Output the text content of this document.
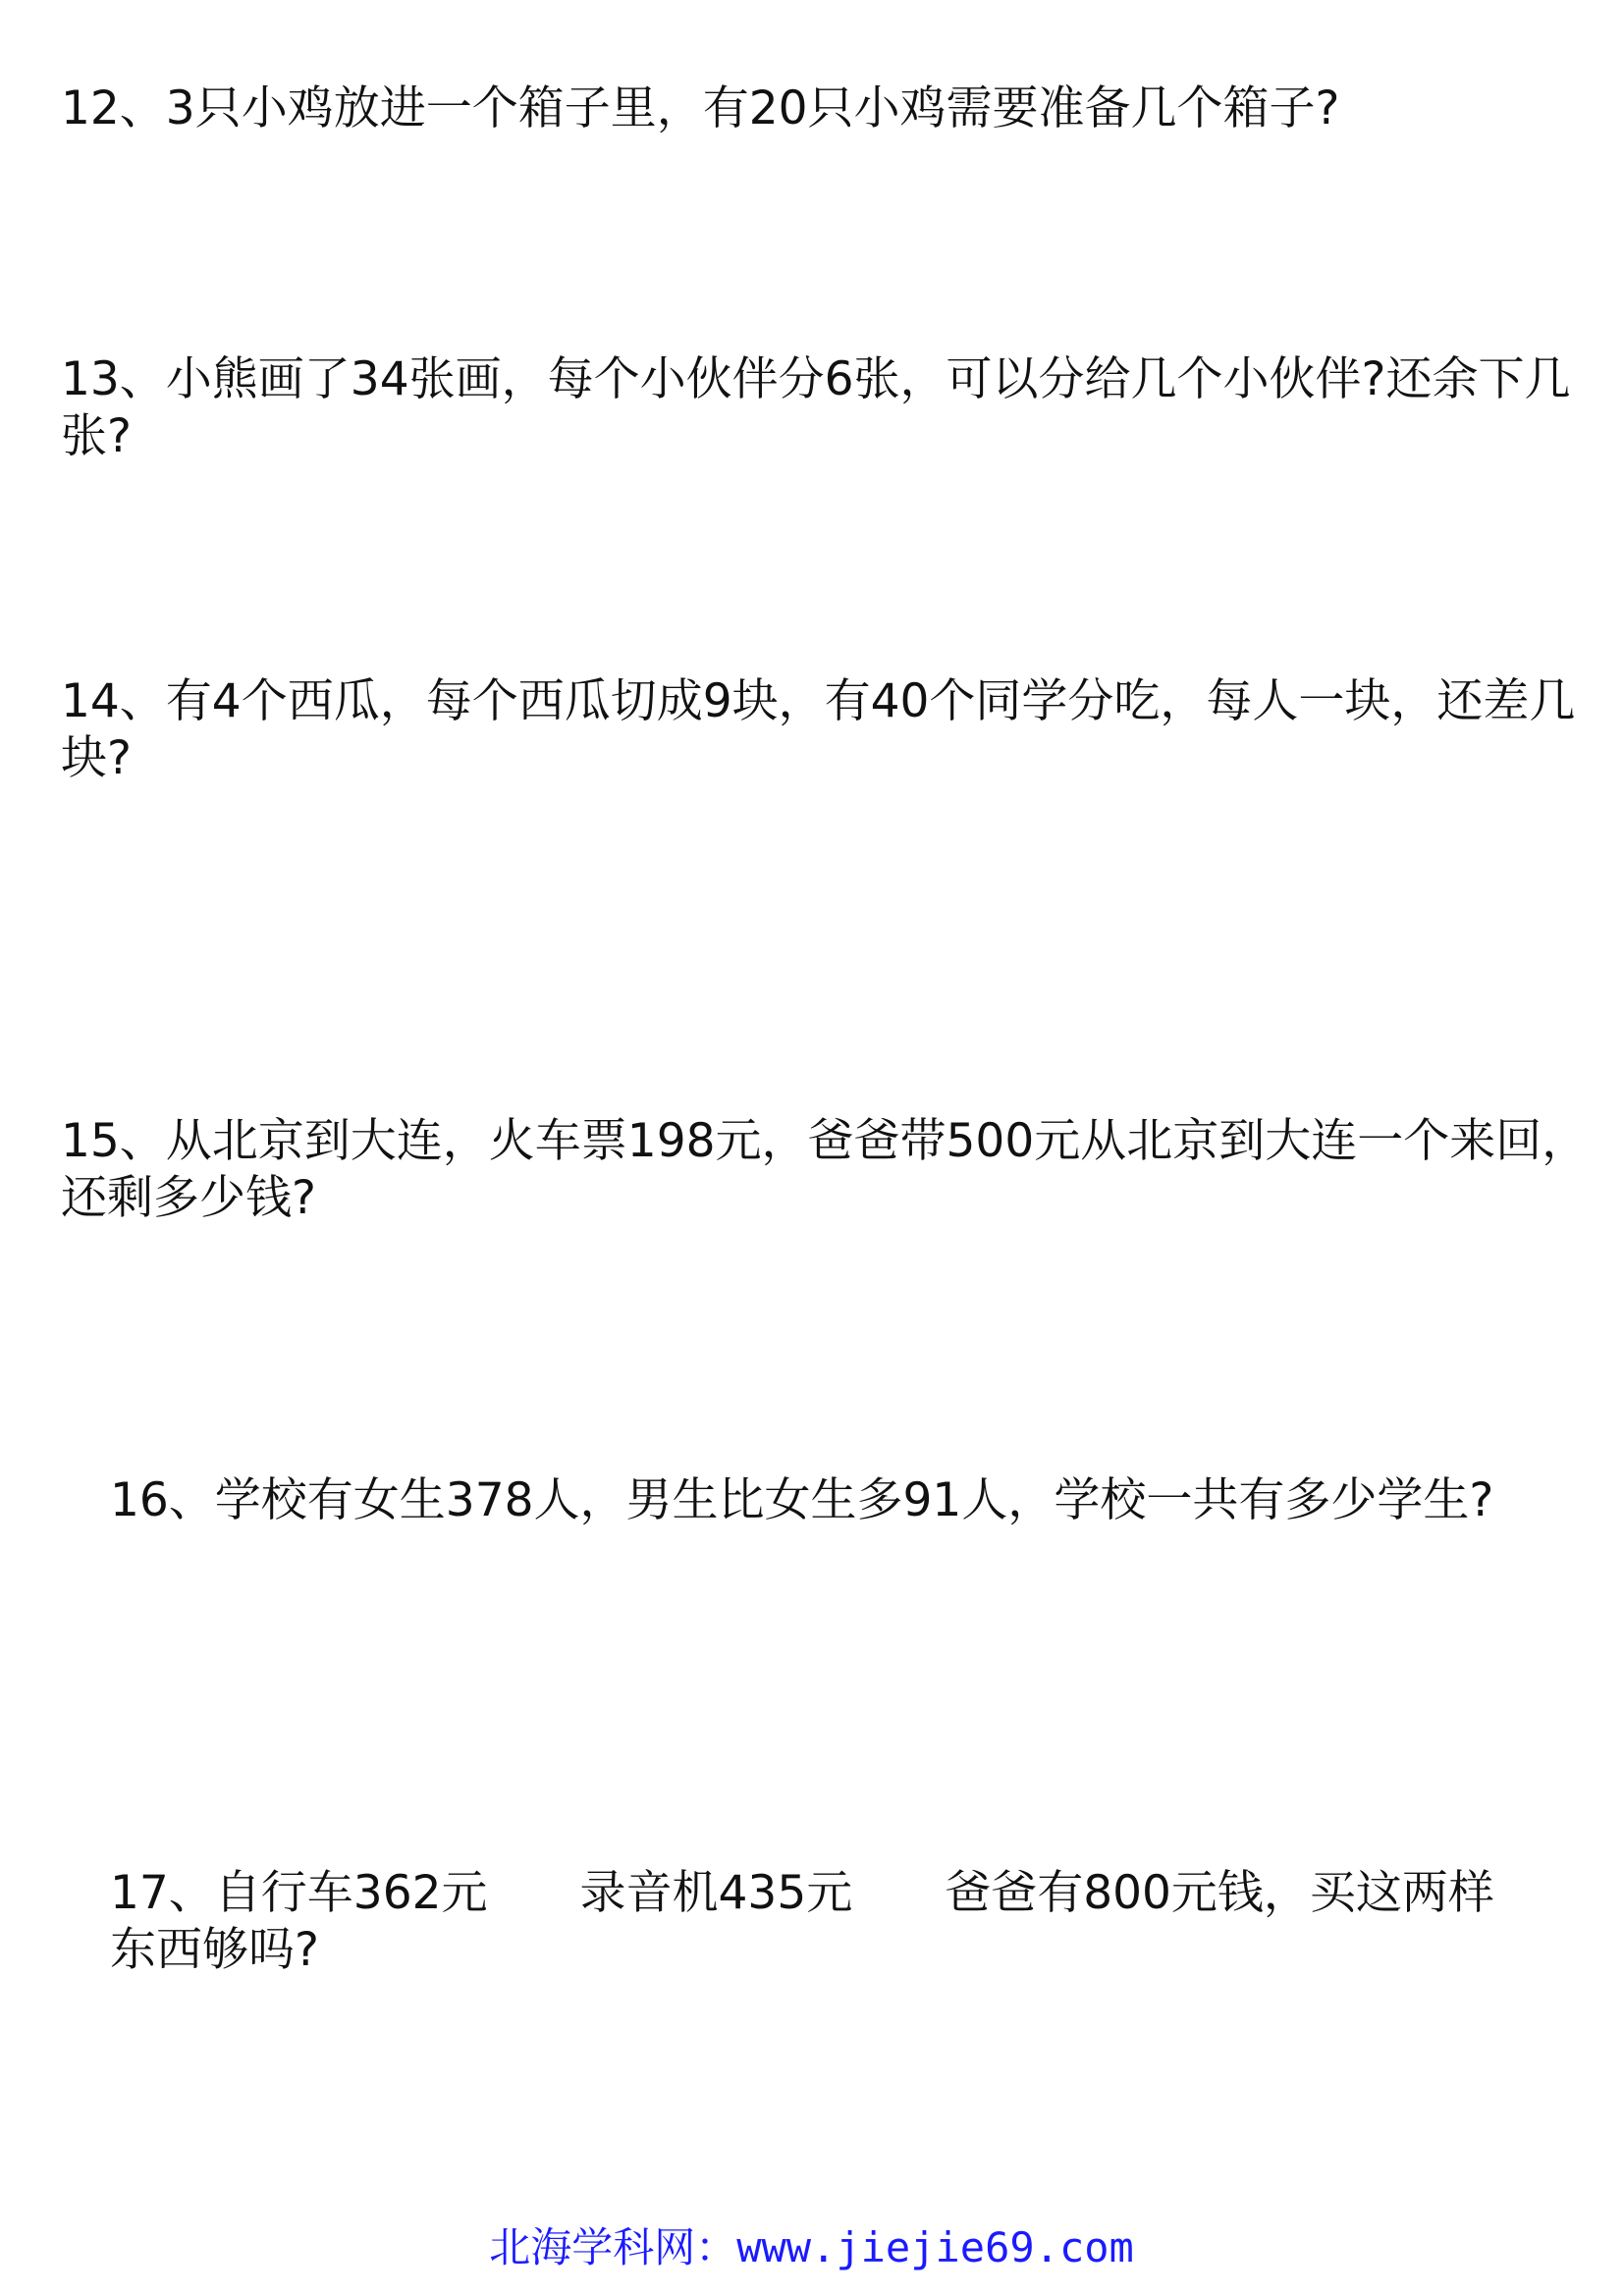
12、3只小鸡放进一个箱子里，有20只小鸡需要准备几个箱子?
13、小熊画了34张画，每个小伙伴分6张，可以分给几个小伙伴?还余下几张?
14、有4个西瓜，每个西瓜切成9块，有40个同学分吃，每人一块，还差几块?
15、从北京到大连，火车票198元，爸爸带500元从北京到大连一个来回，还剩多少钱?
16、学校有女生378人，男生比女生多91人，学校一共有多少学生?
17、自行车362元　　录音机435元　　爸爸有800元钱，买这两样东西够吗?
北海学科网：www.jiejie69.com
